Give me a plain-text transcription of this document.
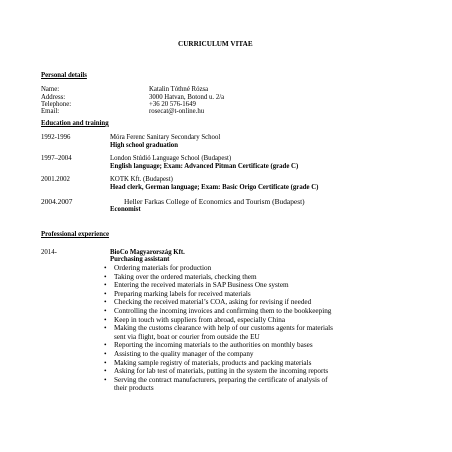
CURRICULUM VITAE
Personal details
Name:	Katalin Tóthné Rózsa
Address:	3000 Hatvan, Botond u. 2/a
Telephone:	+36 20 576-1649
Email:	rosecat@t-online.hu
Education and training
1992-1996	Móra Ferenc Sanitary Secondary School
High school graduation
1997–2004	London Stúdió Language School (Budapest)
English language; Exam: Advanced Pitman Certificate (grade C)
2001.2002	KOTK Kft. (Budapest)
Head clerk, German language; Exam: Basic Origo Certificate (grade C)
2004.2007	Heller Farkas College of Economics and Tourism (Budapest)
Economist
Professional experience
2014-	BioCo Magyarország Kft.
Purchasing assistant
• Ordering materials for production
• Taking over the ordered materials, checking them
• Entering the received materials in SAP Business One system
• Preparing marking labels for received materials
• Checking the received material’s COA, asking for revising if needed
• Controlling the incoming invoices and confirming them to the bookkeeping
• Keep in touch with suppliers from abroad, especially China
• Making the customs clearance with help of our customs agents for materials
sent via flight, boat or courier from outside the EU
• Reporting the incoming materials to the authorities on monthly bases
• Assisting to the quality manager of the company
• Making sample registry of materials, products and packing materials
• Asking for lab test of materials, putting in the system the incoming reports
• Serving the contract manufacturers, preparing the certificate of analysis of
their products
